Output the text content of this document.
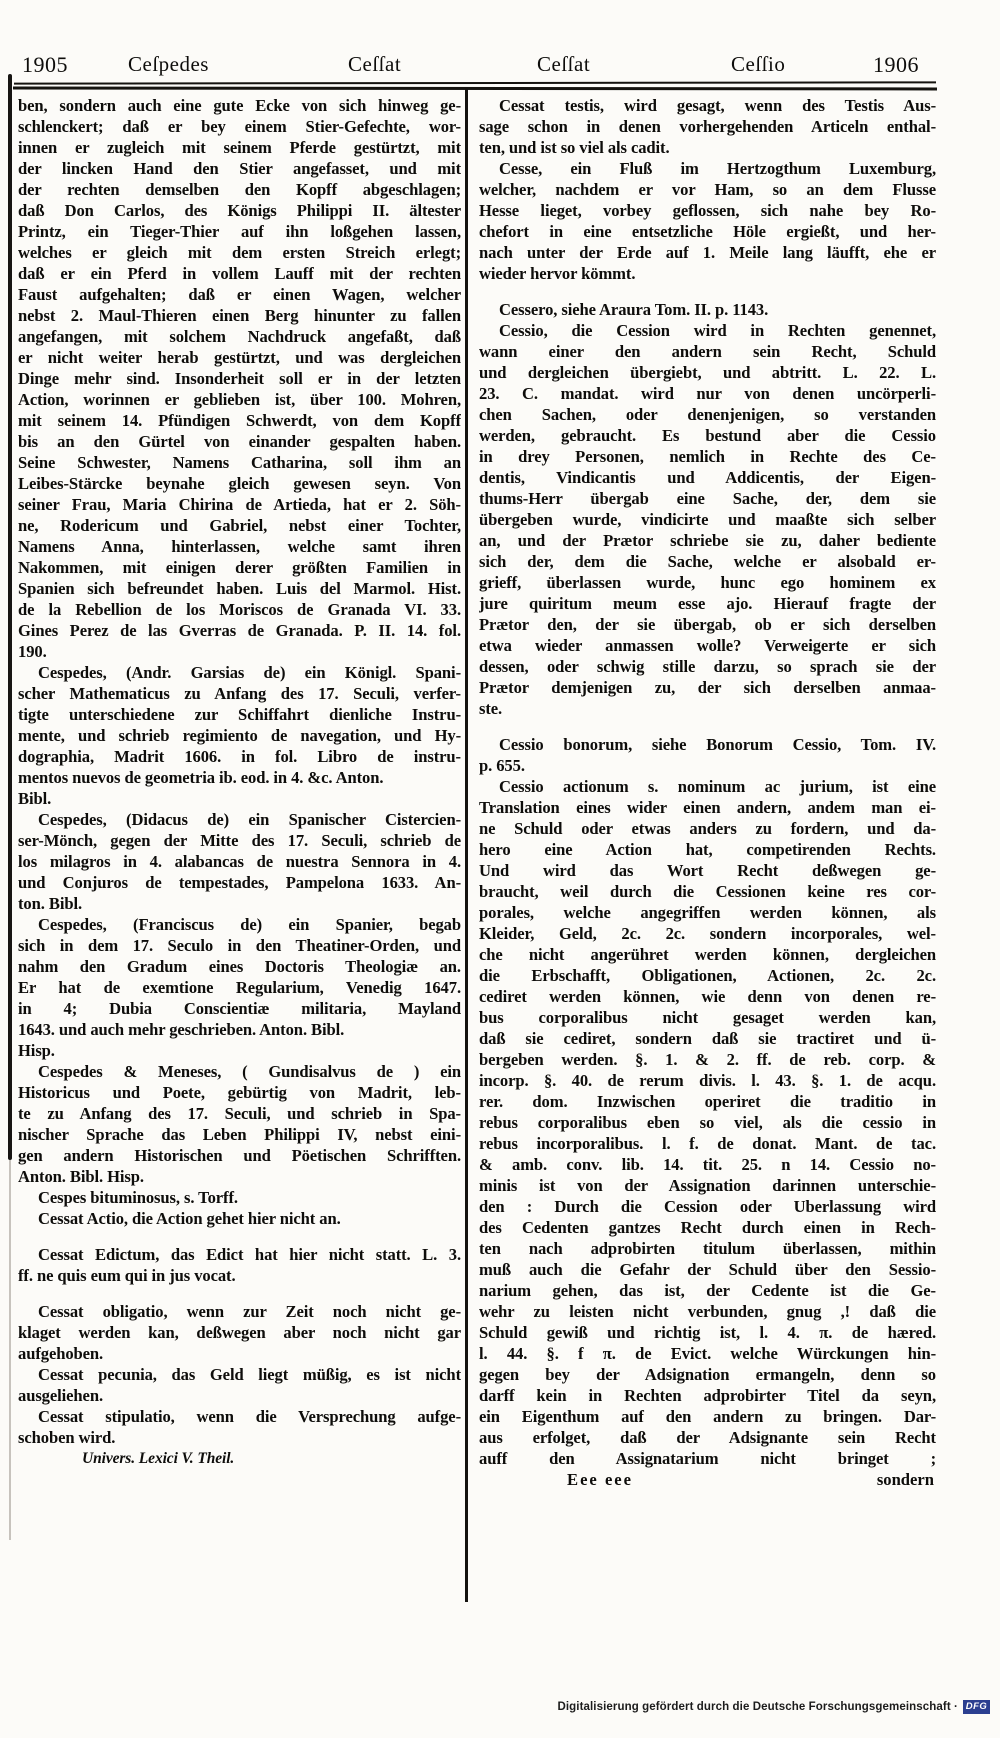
1905	Ceſpedes	Ceſſat	Ceſſat	Ceſſio	1906
ben, sondern auch eine gute Ecke von sich hinweg ge-
schlenckert; daß er bey einem Stier-Gefechte, wor-
innen er zugleich mit seinem Pferde gestürtzt, mit
der lincken Hand den Stier angefasset, und mit
der rechten demselben den Kopff abgeschlagen;
daß Don Carlos, des Königs Philippi II. ältester
Printz, ein Tieger-Thier auf ihn loßgehen lassen,
welches er gleich mit dem ersten Streich erlegt;
daß er ein Pferd in vollem Lauff mit der rechten
Faust aufgehalten; daß er einen Wagen, welcher
nebst 2. Maul-Thieren einen Berg hinunter zu fallen
angefangen, mit solchem Nachdruck angefaßt, daß
er nicht weiter herab gestürtzt, und was dergleichen
Dinge mehr sind. Insonderheit soll er in der letzten
Action, worinnen er geblieben ist, über 100. Mohren,
mit seinem 14. Pfündigen Schwerdt, von dem Kopff
bis an den Gürtel von einander gespalten haben.
Seine Schwester, Namens Catharina, soll ihm an
Leibes-Stärcke beynahe gleich gewesen seyn. Von
seiner Frau, Maria Chirina de Artieda, hat er 2. Söh-
ne, Rodericum und Gabriel, nebst einer Tochter,
Namens Anna, hinterlassen, welche samt ihren
Nakommen, mit einigen derer größten Familien in
Spanien sich befreundet haben. Luis del Marmol. Hist.
de la Rebellion de los Moriscos de Granada VI. 33.
Gines Perez de las Gverras de Granada. P. II. 14. fol.
190.
Cespedes, (Andr. Garsias de) ein Königl. Spani-
scher Mathematicus zu Anfang des 17. Seculi, verfer-
tigte unterschiedene zur Schiffahrt dienliche Instru-
mente, und schrieb regimiento de navegation, und Hy-
dographia, Madrit 1606. in fol. Libro de instru-
mentos nuevos de geometria ib. eod. in 4. &c. Anton.
Bibl.
Cespedes, (Didacus de) ein Spanischer Cistercien-
ser-Mönch, gegen der Mitte des 17. Seculi, schrieb de
los milagros in 4. alabancas de nuestra Sennora in 4.
und Conjuros de tempestades, Pampelona 1633. An-
ton. Bibl.
Cespedes, (Franciscus de) ein Spanier, begab
sich in dem 17. Seculo in den Theatiner-Orden, und
nahm den Gradum eines Doctoris Theologiæ an.
Er hat de exemtione Regularium, Venedig 1647.
in 4; Dubia Conscientiæ militaria, Mayland
1643. und auch mehr geschrieben. Anton. Bibl.
Hisp.
Cespedes & Meneses, ( Gundisalvus de ) ein
Historicus und Poete, gebürtig von Madrit, leb-
te zu Anfang des 17. Seculi, und schrieb in Spa-
nischer Sprache das Leben Philippi IV, nebst eini-
gen andern Historischen und Pöetischen Schrifften.
Anton. Bibl. Hisp.
Cespes bituminosus, s. Torff.
Cessat Actio, die Action gehet hier nicht an.
Cessat Edictum, das Edict hat hier nicht statt. L. 3.
ff. ne quis eum qui in jus vocat.
Cessat obligatio, wenn zur Zeit noch nicht ge-
klaget werden kan, deßwegen aber noch nicht gar
aufgehoben.
Cessat pecunia, das Geld liegt müßig, es ist nicht
ausgeliehen.
Cessat stipulatio, wenn die Versprechung aufge-
schoben wird.
Univers. Lexici V. Theil.
Cessat testis, wird gesagt, wenn des Testis Aus-
sage schon in denen vorhergehenden Articeln enthal-
ten, und ist so viel als cadit.
Cesse, ein Fluß im Hertzogthum Luxemburg,
welcher, nachdem er vor Ham, so an dem Flusse
Hesse lieget, vorbey geflossen, sich nahe bey Ro-
chefort in eine entsetzliche Höle ergießt, und her-
nach unter der Erde auf 1. Meile lang läufft, ehe er
wieder hervor kömmt.
Cessero, siehe Araura Tom. II. p. 1143.
Cessio, die Cession wird in Rechten genennet,
wann einer den andern sein Recht, Schuld
und dergleichen übergiebt, und abtritt. L. 22. L.
23. C. mandat. wird nur von denen uncörperli-
chen Sachen, oder denenjenigen, so verstanden
werden, gebraucht. Es bestund aber die Cessio
in drey Personen, nemlich in Rechte des Ce-
dentis, Vindicantis und Addicentis, der Eigen-
thums-Herr übergab eine Sache, der, dem sie
übergeben wurde, vindicirte und maaßte sich selber
an, und der Prætor schriebe sie zu, daher bediente
sich der, dem die Sache, welche er alsobald er-
grieff, überlassen wurde, hunc ego hominem ex
jure quiritum meum esse ajo. Hierauf fragte der
Prætor den, der sie übergab, ob er sich derselben
etwa wieder anmassen wolle? Verweigerte er sich
dessen, oder schwig stille darzu, so sprach sie der
Prætor demjenigen zu, der sich derselben anmaa-
ste.
Cessio bonorum, siehe Bonorum Cessio, Tom. IV.
p. 655.
Cessio actionum s. nominum ac jurium, ist eine
Translation eines wider einen andern, andem man ei-
ne Schuld oder etwas anders zu fordern, und da-
hero eine Action hat, competirenden Rechts.
Und wird das Wort Recht deßwegen ge-
braucht, weil durch die Cessionen keine res cor-
porales, welche angegriffen werden können, als
Kleider, Geld, 2c. 2c. sondern incorporales, wel-
che nicht angerühret werden können, dergleichen
die Erbschafft, Obligationen, Actionen, 2c. 2c.
cediret werden können, wie denn von denen re-
bus corporalibus nicht gesaget werden kan,
daß sie cediret, sondern daß sie tractiret und ü-
bergeben werden. §. 1. & 2. ff. de reb. corp. &
incorp. §. 40. de rerum divis. l. 43. §. 1. de acqu.
rer. dom. Inzwischen operiret die traditio in
rebus corporalibus eben so viel, als die cessio in
rebus incorporalibus. l. f. de donat. Mant. de tac.
& amb. conv. lib. 14. tit. 25. n 14. Cessio no-
minis ist von der Assignation darinnen unterschie-
den : Durch die Cession oder Uberlassung wird
des Cedenten gantzes Recht durch einen in Rech-
ten nach adprobirten titulum überlassen, mithin
muß auch die Gefahr der Schuld über den Sessio-
narium gehen, das ist, der Cedente ist die Ge-
wehr zu leisten nicht verbunden, gnug ,! daß die
Schuld gewiß und richtig ist, l. 4. π. de hæred.
l. 44. §. f π. de Evict. welche Würckungen hin-
gegen bey der Adsignation ermangeln, denn so
darff kein in Rechten adprobirter Titel da seyn,
ein Eigenthum auf den andern zu bringen. Dar-
aus erfolget, daß der Adsignante sein Recht
auff den Assignatarium nicht bringet ;
Eee eee	sondern
Digitalisierung gefördert durch die Deutsche Forschungsgemeinschaft · DFG
